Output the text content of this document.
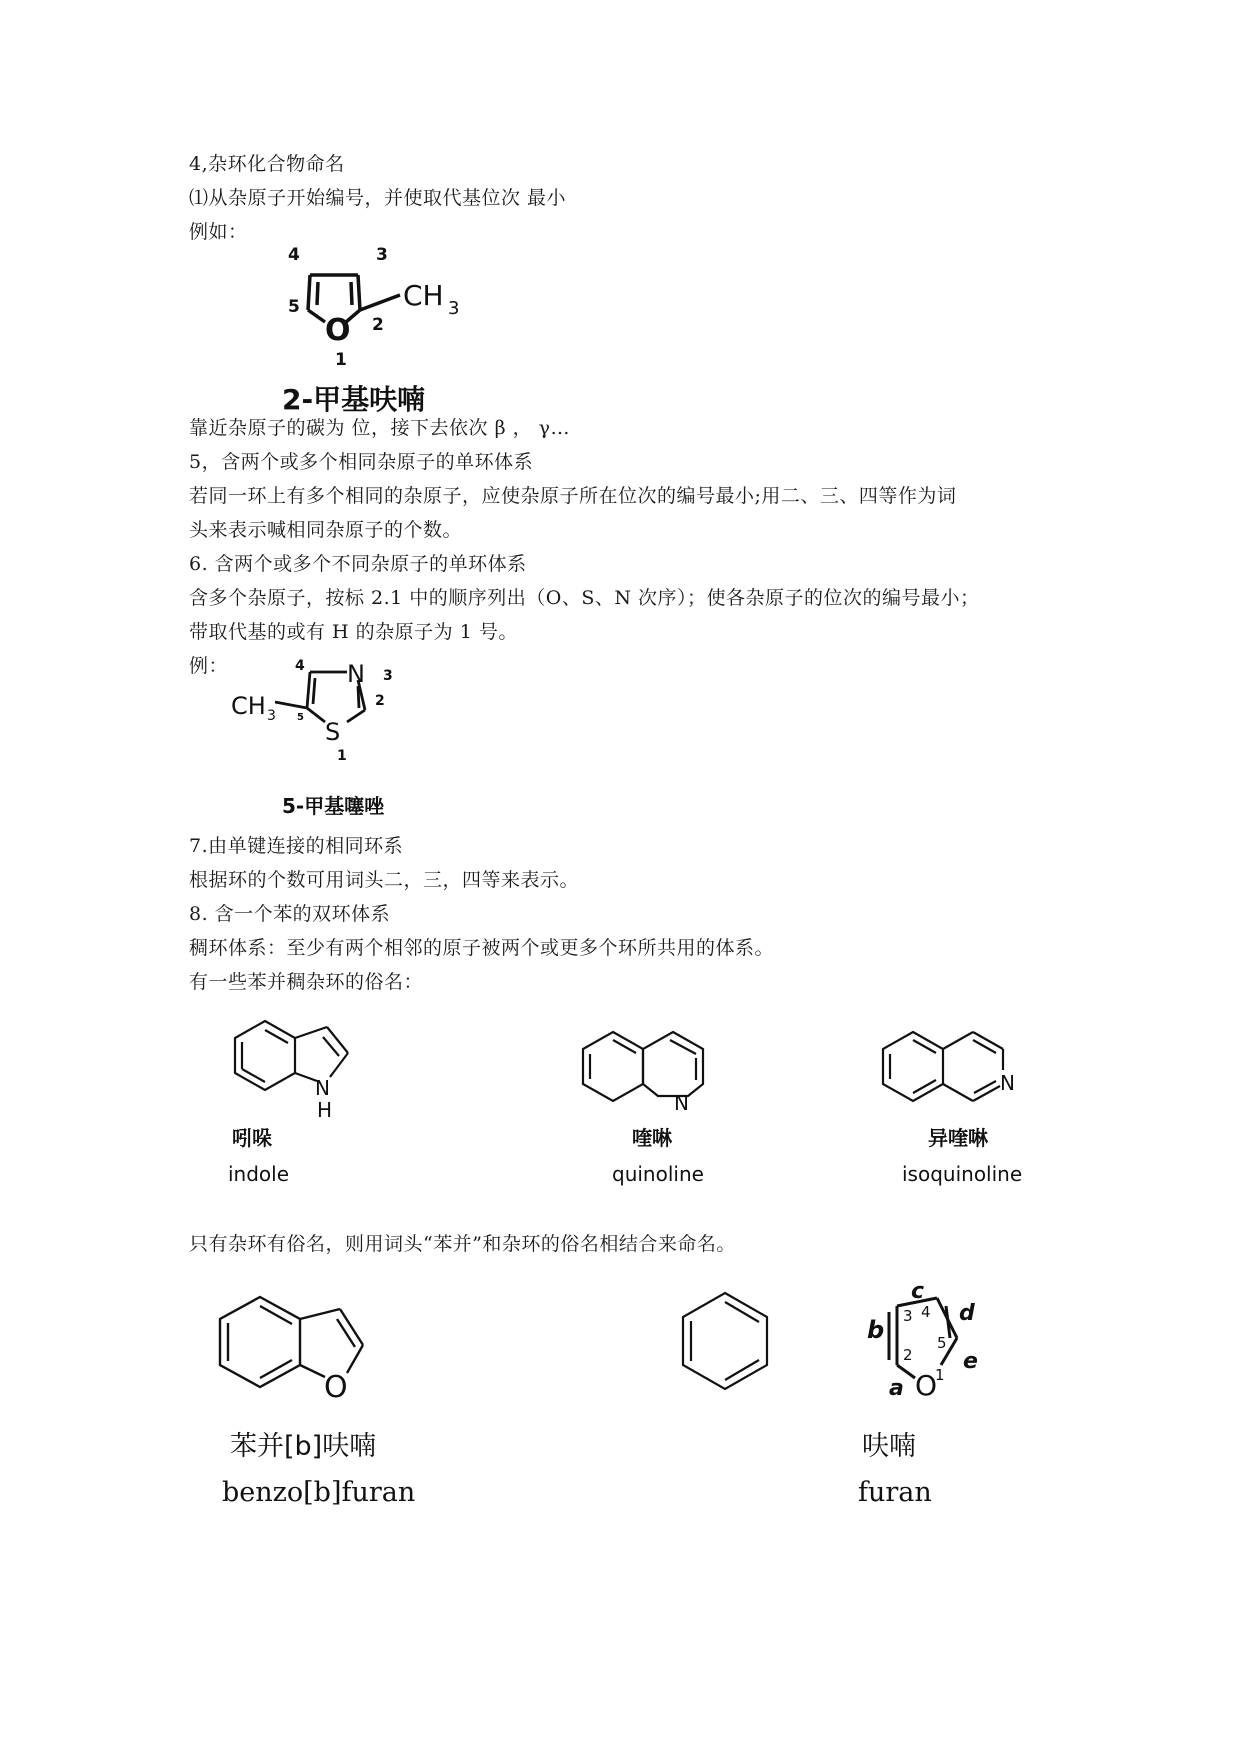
4,杂环化合物命名
⑴从杂原子开始编号，并使取代基位次 最小
例如：
O
CH 3
1
2
3
4
5
2-甲基呋喃
靠近杂原子的碳为 位，接下去依次 β ， γ…
5，含两个或多个相同杂原子的单环体系
若同一环上有多个相同的杂原子，应使杂原子所在位次的编号最小;用二、三、四等作为词
头来表示喊相同杂原子的个数。
6. 含两个或多个不同杂原子的单环体系
含多个杂原子，按标 2.1 中的顺序列出（O、S、N 次序）；使各杂原子的位次的编号最小；
带取代基的或有 H 的杂原子为 1 号。
例：
S
N
CH 3
1
2
3
4
5
5-甲基噻唑
7.由单键连接的相同环系
根据环的个数可用词头二，三，四等来表示。
8. 含一个苯的双环体系
稠环体系：至少有两个相邻的原子被两个或更多个环所共用的体系。
有一些苯并稠杂环的俗名：
N
H
吲哚
indole
N
喹啉
quinoline
N
异喹啉
isoquinoline
只有杂环有俗名，则用词头“苯并”和杂环的俗名相结合来命名。
O
苯并[b]呋喃
benzo[b]furan
O
1
2
3 4
5
a
b
c
d
e
呋喃
furan
